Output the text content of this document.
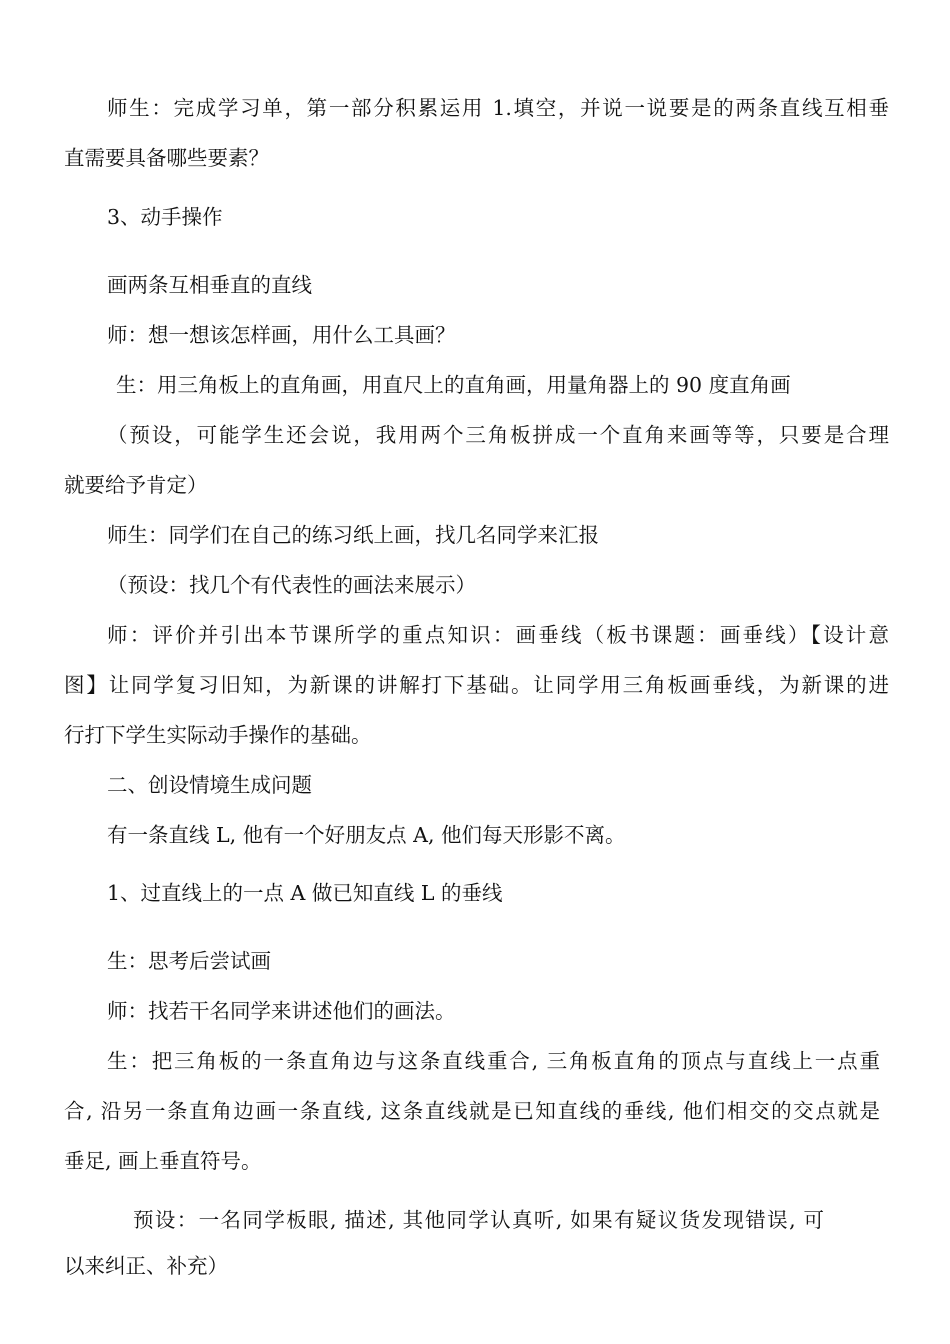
师生：完成学习单，第一部分积累运用 1.填空，并说一说要是的两条直线互相垂
直需要具备哪些要素？
3、动手操作
画两条互相垂直的直线
师：想一想该怎样画，用什么工具画？
生：用三角板上的直角画，用直尺上的直角画，用量角器上的 90 度直角画
（预设，可能学生还会说，我用两个三角板拼成一个直角来画等等，只要是合理
就要给予肯定）
师生：同学们在自己的练习纸上画，找几名同学来汇报
（预设：找几个有代表性的画法来展示）
师：评价并引出本节课所学的重点知识：画垂线（板书课题：画垂线）【设计意
图】让同学复习旧知，为新课的讲解打下基础。让同学用三角板画垂线，为新课的进
行打下学生实际动手操作的基础。
二、创设情境生成问题
有一条直线 L, 他有一个好朋友点 A, 他们每天形影不离。
1、过直线上的一点 A 做已知直线 L 的垂线
生：思考后尝试画
师：找若干名同学来讲述他们的画法。
生：把三角板的一条直角边与这条直线重合, 三角板直角的顶点与直线上一点重
合, 沿另一条直角边画一条直线, 这条直线就是已知直线的垂线, 他们相交的交点就是
垂足, 画上垂直符号。
预设：一名同学板眼, 描述, 其他同学认真听, 如果有疑议货发现错误, 可
以来纠正、补充）
